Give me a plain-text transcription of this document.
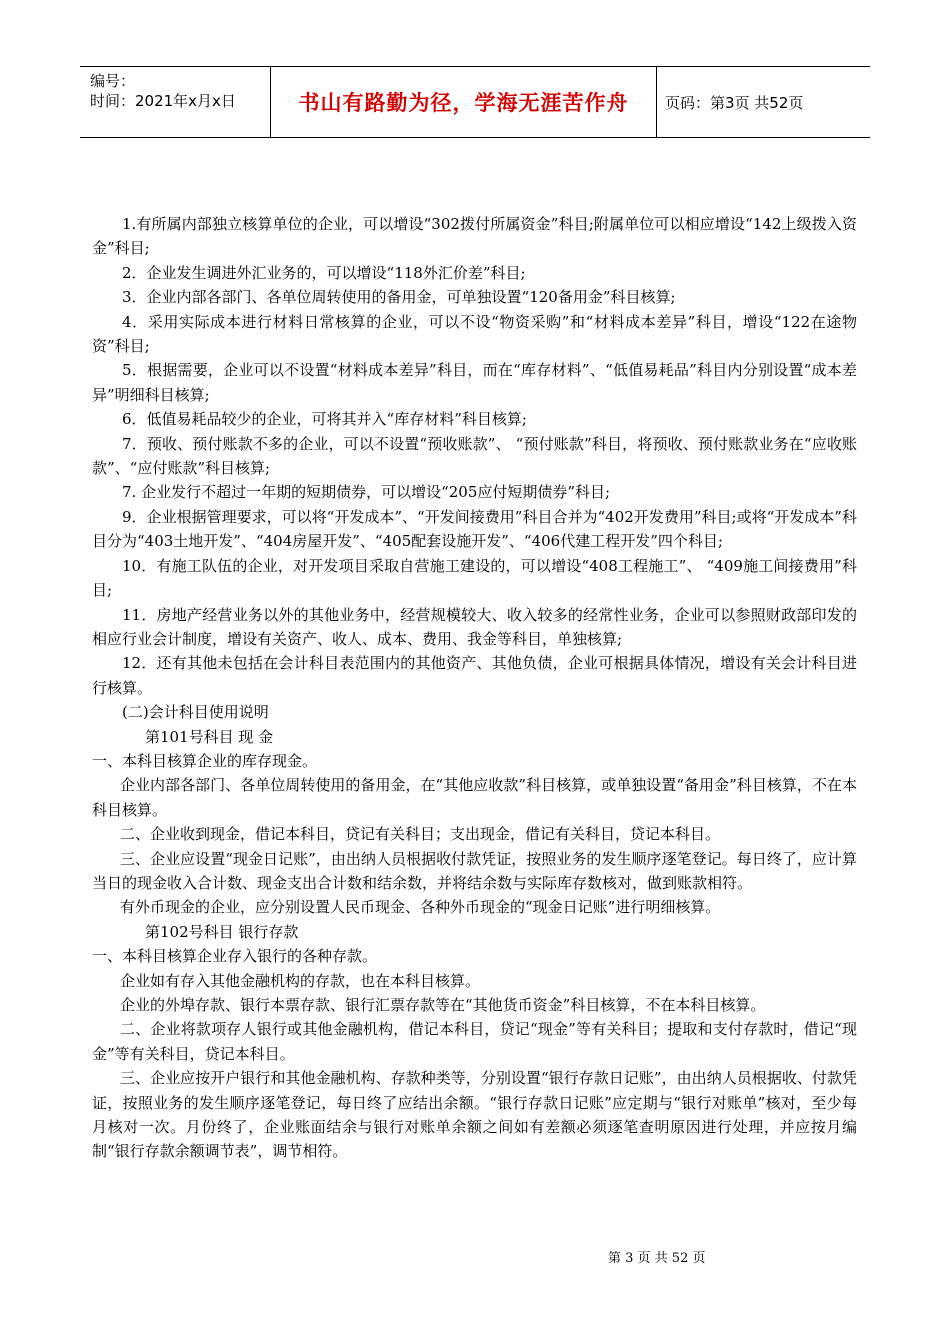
编号：
时间：2021年x月x日	书山有路勤为径，学海无涯苦作舟 页码：第3页 共52页

1.有所属内部独立核算单位的企业，可以增设“302拨付所属资金”科目;附属单位可以相应增设“142上级拨入资金”科目;

2．企业发生调进外汇业务的，可以增设“118外汇价差”科目;

3．企业内部各部门、各单位周转使用的备用金，可单独设置“120备用金”科目核算;

4．采用实际成本进行材料日常核算的企业，可以不设“物资采购”和“材料成本差异”科目，增设“122在途物资”科目;

5．根据需要，企业可以不设置“材料成本差异”科目，而在“库存材料”、“低值易耗品”科目内分别设置“成本差异”明细科目核算;

6．低值易耗品较少的企业，可将其并入“库存材料”科目核算;

7．预收、预付账款不多的企业，可以不设置“预收账款”、 “预付账款”科目，将预收、预付账款业务在“应收账款”、“应付账款”科目核算;

7. 企业发行不超过一年期的短期债券，可以增设“205应付短期债券”科目;

9．企业根据管理要求，可以将“开发成本”、“开发间接费用”科目合并为“402开发费用”科目;或将“开发成本”科目分为“403土地开发”、“404房屋开发”、“405配套设施开发”、“406代建工程开发”四个科目;

10．有施工队伍的企业，对开发项目采取自营施工建设的，可以增设“408工程施工”、 “409施工间接费用”科目;

11．房地产经营业务以外的其他业务中，经营规模较大、收入较多的经常性业务，企业可以参照财政部印发的相应行业会计制度，增设有关资产、收人、成本、费用、我金等科目，单独核算;

12．还有其他未包括在会计科目表范围内的其他资产、其他负债，企业可根据具体情况，增设有关会计科目进行核算。

(二)会计科目使用说明

第101号科目 现 金

一、本科目核算企业的库存现金。

企业内部各部门、各单位周转使用的备用金，在“其他应收款”科目核算，或单独设置“备用金”科目核算，不在本科目核算。

二、企业收到现金，借记本科目，贷记有关科目；支出现金，借记有关科目，贷记本科目。

三、企业应设置“现金日记账”，由出纳人员根据收付款凭证，按照业务的发生顺序逐笔登记。每日终了，应计算当日的现金收入合计数、现金支出合计数和结余数，并将结余数与实际库存数核对，做到账款相符。

有外币现金的企业，应分别设置人民币现金、各种外币现金的“现金日记账”进行明细核算。

第102号科目 银行存款

一、本科目核算企业存入银行的各种存款。

企业如有存入其他金融机构的存款，也在本科目核算。

企业的外埠存款、银行本票存款、银行汇票存款等在“其他货币资金”科目核算，不在本科目核算。

二、企业将款项存人银行或其他金融机构，借记本科目，贷记“现金”等有关科目；提取和支付存款时，借记“现金”等有关科目，贷记本科目。

三、企业应按开户银行和其他金融机构、存款种类等，分别设置“银行存款日记账”，由出纳人员根据收、付款凭证，按照业务的发生顺序逐笔登记，每日终了应结出余额。“银行存款日记账”应定期与“银行对账单”核对，至少每月核对一次。月份终了，企业账面结余与银行对账单余额之间如有差额必须逐笔查明原因进行处理，并应按月编制“银行存款余额调节表”，调节相符。

第 3 页 共 52 页
